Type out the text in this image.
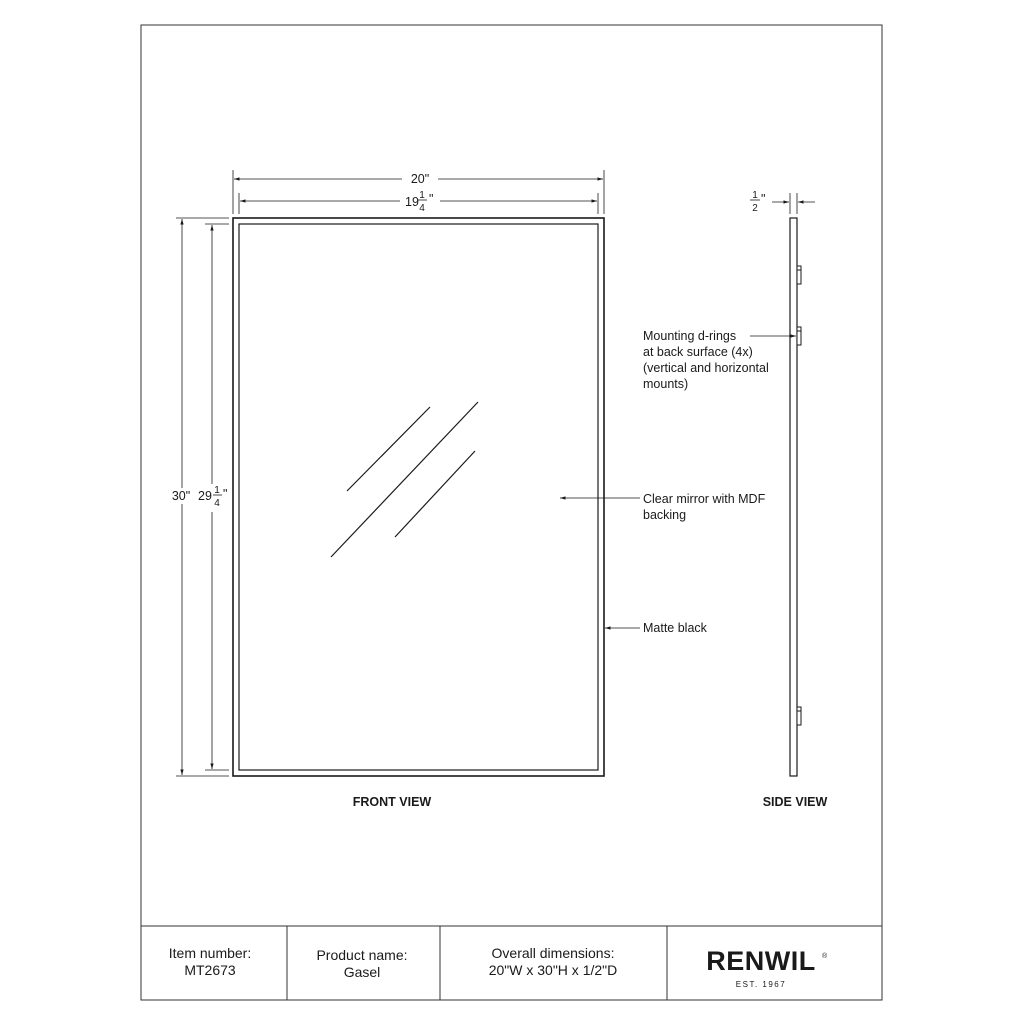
20"
19 1
4
"
30" 29 1
4
"	Clear mirror with MDF
backing
Matte black
FRONT VIEW
1
2
"
Mounting d-rings
at back surface (4x)
(vertical and horizontal
mounts)
SIDE VIEW
Item number:
MT2673
Product name:
Gasel
Overall dimensions:
20"W x 30"H x 1/2"D	RENWIL ®
EST. 1967
